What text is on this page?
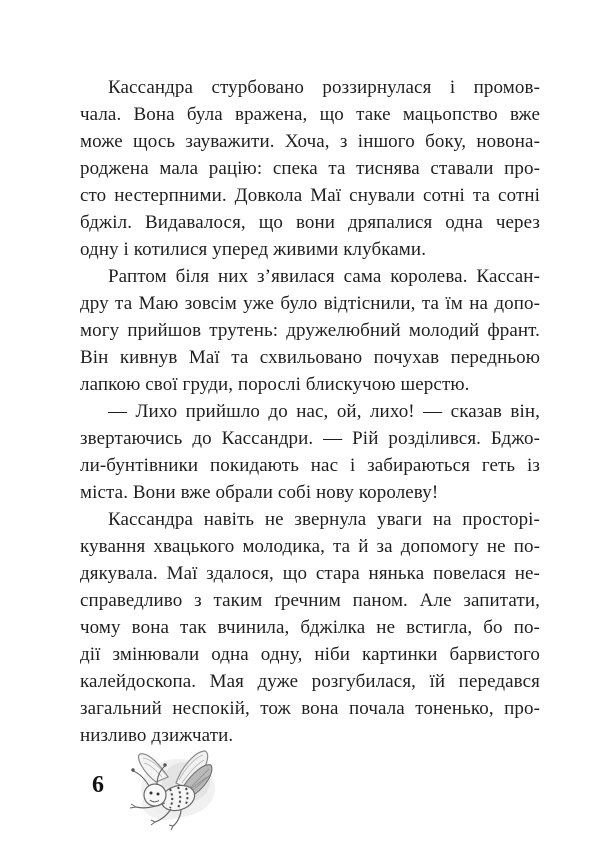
Кассандра стурбовано роззирнулася і промов-
чала. Вона була вражена, що таке мацьопство вже
може щось зауважити. Хоча, з іншого боку, новона-
роджена мала рацію: спека та тиснява ставали про-
сто нестерпними. Довкола Маї снували сотні та сотні
бджіл. Видавалося, що вони дряпалися одна через
одну і котилися уперед живими клубками.
Раптом біля них з’явилася сама королева. Кассан-
дру та Маю зовсім уже було відтіснили, та їм на допо-
могу прийшов трутень: дружелюбний молодий франт.
Він кивнув Маї та схвильовано почухав передньою
лапкою свої груди, порослі блискучою шерстю.
— Лихо прийшло до нас, ой, лихо! — сказав він,
звертаючись до Кассандри. — Рій розділився. Бджо-
ли-бунтівники покидають нас і забираються геть із
міста. Вони вже обрали собі нову королеву!
Кассандра навіть не звернула уваги на просторі-
кування хвацького молодика, та й за допомогу не по-
дякувала. Маї здалося, що стара нянька повелася не-
справедливо з таким ґречним паном. Але запитати,
чому вона так вчинила, бджілка не встигла, бо по-
дії змінювали одна одну, ніби картинки барвистого
калейдоскопа. Мая дуже розгубилася, їй передався
загальний неспокій, тож вона почала тоненько, про-
низливо дзижчати.
6
